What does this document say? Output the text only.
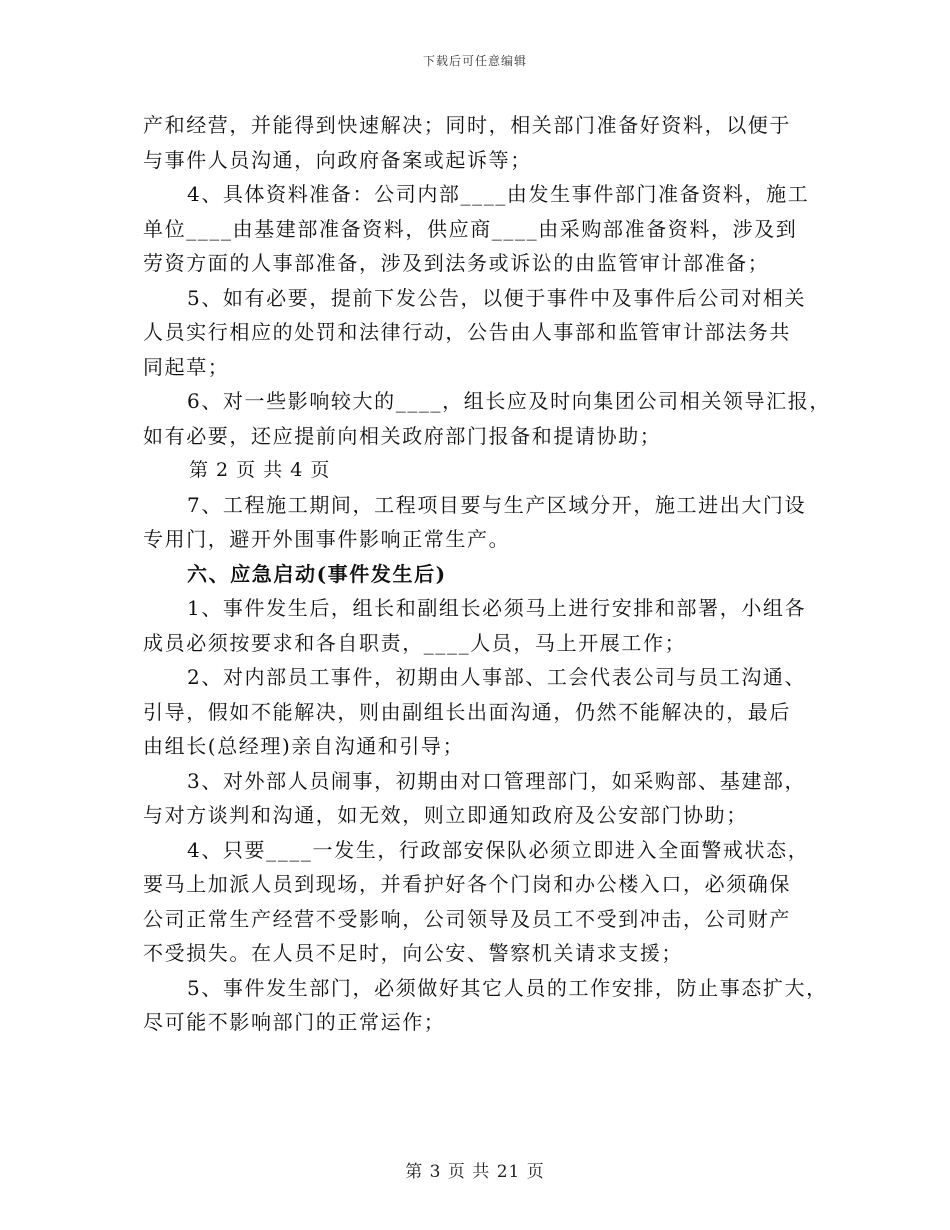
下载后可任意编辑
产和经营，并能得到快速解决；同时，相关部门准备好资料，以便于
与事件人员沟通，向政府备案或起诉等；
4、具体资料准备：公司内部____由发生事件部门准备资料，施工
单位____由基建部准备资料，供应商____由采购部准备资料，涉及到
劳资方面的人事部准备，涉及到法务或诉讼的由监管审计部准备；
5、如有必要，提前下发公告，以便于事件中及事件后公司对相关
人员实行相应的处罚和法律行动，公告由人事部和监管审计部法务共
同起草；
6、对一些影响较大的____，组长应及时向集团公司相关领导汇报，
如有必要，还应提前向相关政府部门报备和提请协助；
第 2 页 共 4 页
7、工程施工期间，工程项目要与生产区域分开，施工进出大门设
专用门，避开外围事件影响正常生产。
六、应急启动(事件发生后)
1、事件发生后，组长和副组长必须马上进行安排和部署，小组各
成员必须按要求和各自职责，____人员，马上开展工作；
2、对内部员工事件，初期由人事部、工会代表公司与员工沟通、
引导，假如不能解决，则由副组长出面沟通，仍然不能解决的，最后
由组长(总经理)亲自沟通和引导；
3、对外部人员闹事，初期由对口管理部门，如采购部、基建部，
与对方谈判和沟通，如无效，则立即通知政府及公安部门协助；
4、只要____一发生，行政部安保队必须立即进入全面警戒状态，
要马上加派人员到现场，并看护好各个门岗和办公楼入口，必须确保
公司正常生产经营不受影响，公司领导及员工不受到冲击，公司财产
不受损失。在人员不足时，向公安、警察机关请求支援；
5、事件发生部门，必须做好其它人员的工作安排，防止事态扩大，
尽可能不影响部门的正常运作；
第 3 页 共 21 页
